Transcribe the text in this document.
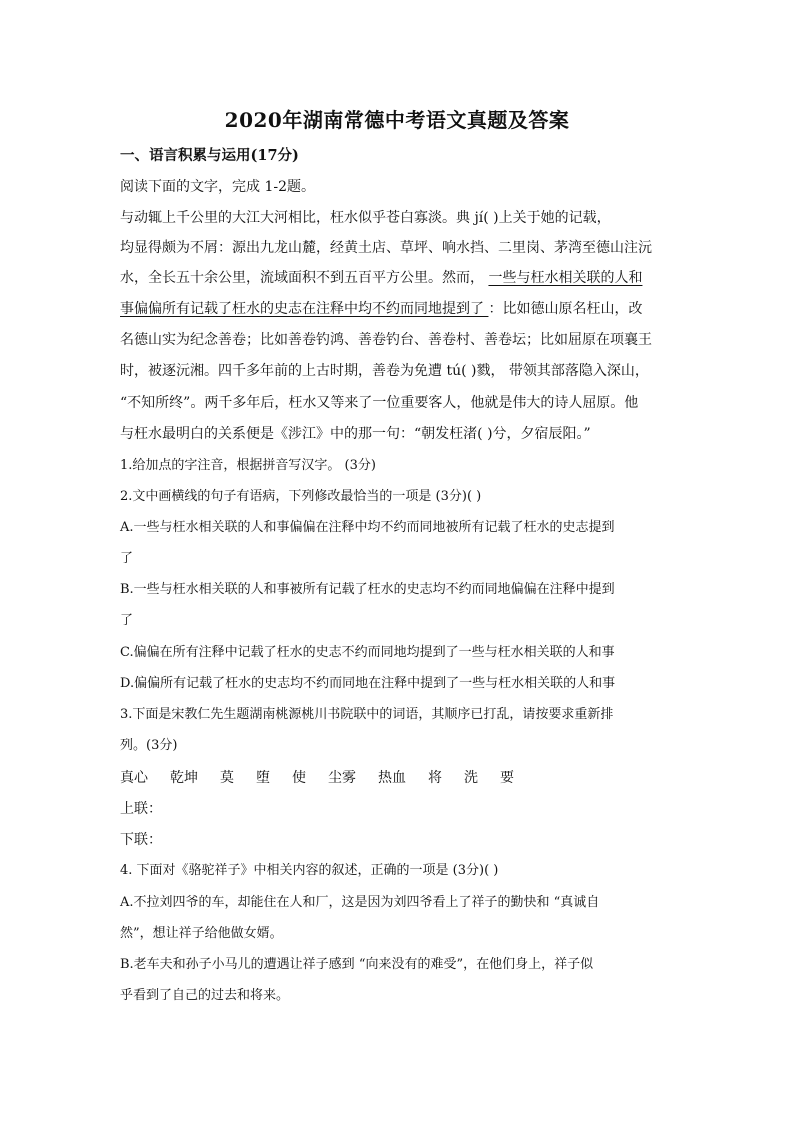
2020年湖南常德中考语文真题及答案
一、语言积累与运用(17分)
阅读下面的文字，完成 1-2题。
与动辄上千公里的大江大河相比，枉水似乎苍白寡淡。典 jí( )上关于她的记载，
均显得颇为不屑：源出九龙山麓，经黄土店、草坪、响水挡、二里岗、茅湾至德山注沅
水，全长五十余公里，流域面积不到五百平方公里。然而， 一些与枉水相关联的人和
事偏偏所有记载了枉水的史志在注释中均不约而同地提到了 ：比如德山原名枉山，改
名德山实为纪念善卷；比如善卷钓鸿、善卷钓台、善卷村、善卷坛；比如屈原在项襄王
时，被逐沅湘。四千多年前的上古时期，善卷为免遭 tú( )戮， 带领其部落隐入深山，
“不知所终”。两千多年后，枉水又等来了一位重要客人，他就是伟大的诗人屈原。他
与枉水最明白的关系便是《涉江》中的那一句：“朝发枉渚( )兮，夕宿辰阳。”
1.给加点的字注音，根据拼音写汉字。 (3分)
2.文中画横线的句子有语病，下列修改最恰当的一项是 (3分)( )
A.一些与枉水相关联的人和事偏偏在注释中均不约而同地被所有记载了枉水的史志提到
了
B.一些与枉水相关联的人和事被所有记载了枉水的史志均不约而同地偏偏在注释中提到
了
C.偏偏在所有注释中记载了枉水的史志不约而同地均提到了一些与枉水相关联的人和事
D.偏偏所有记载了枉水的史志均不约而同地在注释中提到了一些与枉水相关联的人和事
3.下面是宋教仁先生题湖南桃源桃川书院联中的词语，其顺序已打乱，请按要求重新排
列。(3分)
真心 乾坤 莫 堕 使 尘雾 热血 将 洗 要
上联：
下联：
4. 下面对《骆驼祥子》中相关内容的叙述，正确的一项是 (3分)( )
A.不拉刘四爷的车，却能住在人和厂，这是因为刘四爷看上了祥子的勤快和 “真诚自
然”，想让祥子给他做女婿。
B.老车夫和孙子小马儿的遭遇让祥子感到 “向来没有的难受”，在他们身上，祥子似
乎看到了自己的过去和将来。
